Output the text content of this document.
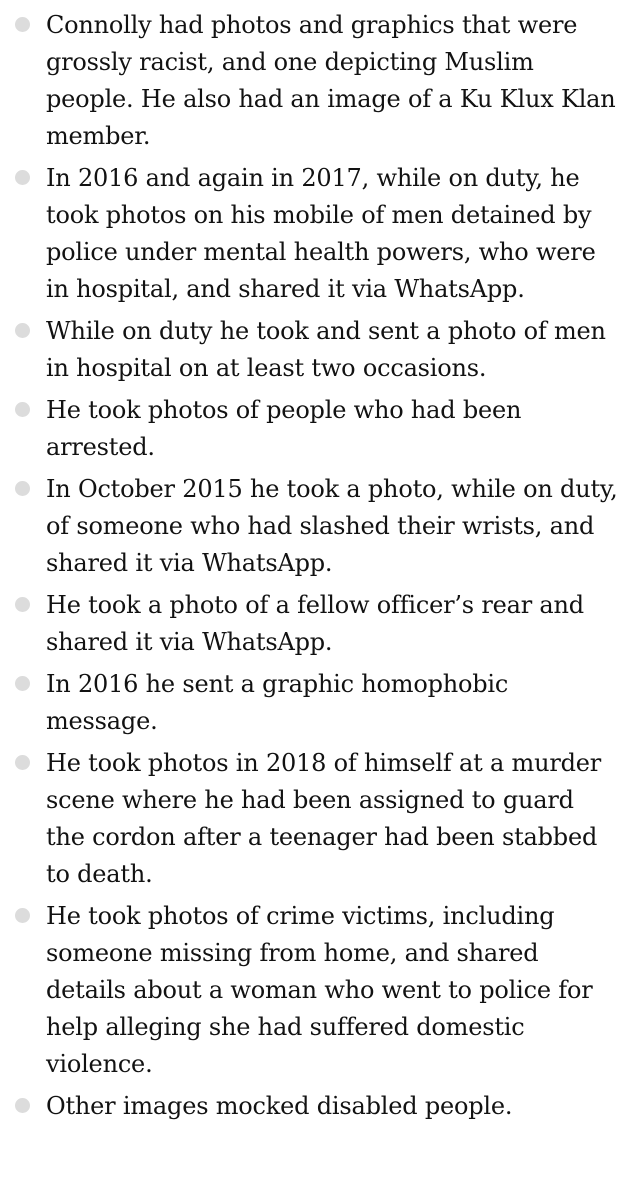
Connolly had photos and graphics that were grossly racist, and one depicting Muslim people. He also had an image of a Ku Klux Klan member.
In 2016 and again in 2017, while on duty, he took photos on his mobile of men detained by police under mental health powers, who were in hospital, and shared it via WhatsApp.
While on duty he took and sent a photo of men in hospital on at least two occasions.
He took photos of people who had been arrested.
In October 2015 he took a photo, while on duty, of someone who had slashed their wrists, and shared it via WhatsApp.
He took a photo of a fellow officer’s rear and shared it via WhatsApp.
In 2016 he sent a graphic homophobic message.
He took photos in 2018 of himself at a murder scene where he had been assigned to guard the cordon after a teenager had been stabbed to death.
He took photos of crime victims, including someone missing from home, and shared details about a woman who went to police for help alleging she had suffered domestic violence.
Other images mocked disabled people.
